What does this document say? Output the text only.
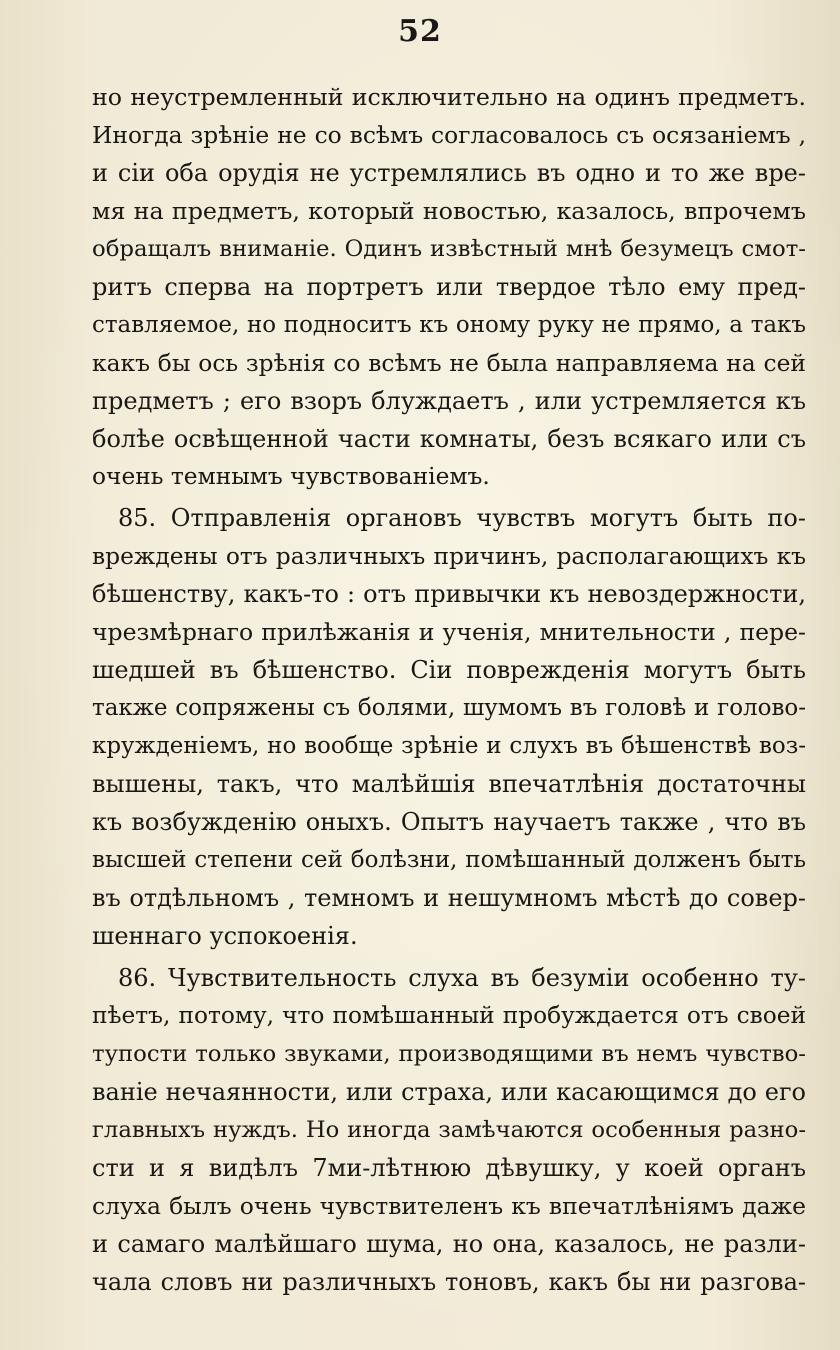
52

но неустремленный исключительно на одинъ предметъ.

Иногда зрѣніе не со всѣмъ согласовалось съ осязаніемъ ,

и сіи оба орудія не устремлялись въ одно и то же вре-

мя на предметъ, который новостью, казалось, впрочемъ

обращалъ вниманіе. Одинъ извѣстный мнѣ безумецъ смот-

ритъ сперва на портретъ или твердое тѣло ему пред-

ставляемое, но подноситъ къ оному руку не прямо, а такъ

какъ бы ось зрѣнія со всѣмъ не была направляема на сей

предметъ ; его взоръ блуждаетъ , или устремляется къ

болѣе освѣщенной части комнаты, безъ всякаго или съ

очень темнымъ чувствованіемъ.

85. Отправленія органовъ чувствъ могутъ быть по-

вреждены отъ различныхъ причинъ, располагающихъ къ

бѣшенству, какъ-то : отъ привычки къ невоздержности,

чрезмѣрнаго прилѣжанія и ученія, мнительности , пере-

шедшей въ бѣшенство. Сіи поврежденія могутъ быть

также сопряжены съ болями, шумомъ въ головѣ и голово-

кружденіемъ, но вообще зрѣніе и слухъ въ бѣшенствѣ воз-

вышены, такъ, что малѣйшія впечатлѣнія достаточны

къ возбужденію оныхъ. Опытъ научаетъ также , что въ

высшей степени сей болѣзни, помѣшанный долженъ быть

въ отдѣльномъ , темномъ и нешумномъ мѣстѣ до совер-

шеннаго успокоенія.

86. Чувствительность слуха въ безуміи особенно ту-

пѣетъ, потому, что помѣшанный пробуждается отъ своей

тупости только звуками, производящими въ немъ чувство-

ваніе нечаянности, или страха, или касающимся до его

главныхъ нуждъ. Но иногда замѣчаются особенныя разно-

сти и я видѣлъ 7ми-лѣтнюю дѣвушку, у коей органъ

слуха былъ очень чувствителенъ къ впечатлѣніямъ даже

и самаго малѣйшаго шума, но она, казалось, не разли-

чала словъ ни различныхъ тоновъ, какъ бы ни разгова-
